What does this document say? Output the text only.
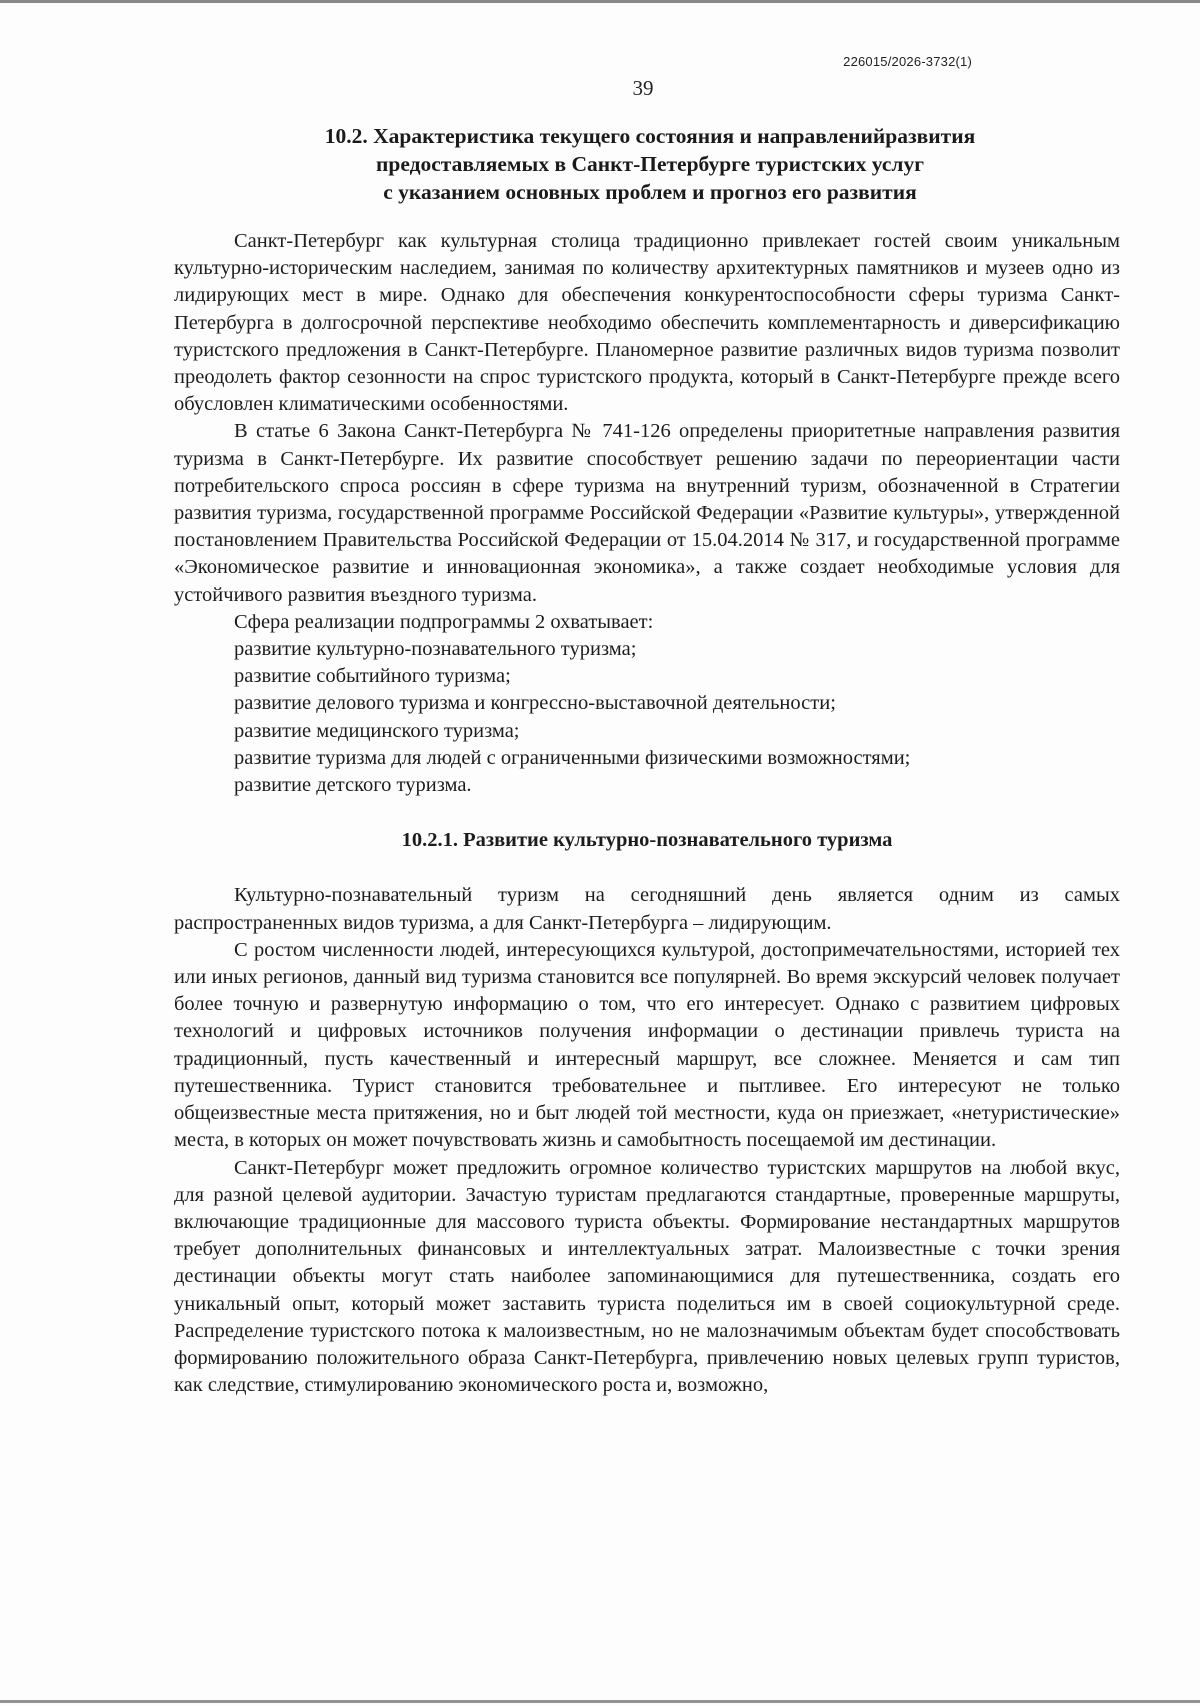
226015/2026-3732(1)
39
10.2. Характеристика текущего состояния и направленийразвития
предоставляемых в Санкт-Петербурге туристских услуг
с указанием основных проблем и прогноз его развития

Санкт-Петербург как культурная столица традиционно привлекает гостей своим уникальным культурно-историческим наследием, занимая по количеству архитектурных памятников и музеев одно из лидирующих мест в мире. Однако для обеспечения конкурентоспособности сферы туризма Санкт-Петербурга в долгосрочной перспективе необходимо обеспечить комплементарность и диверсификацию туристского предложения в Санкт-Петербурге. Планомерное развитие различных видов туризма позволит преодолеть фактор сезонности на спрос туристского продукта, который в Санкт-Петербурге прежде всего обусловлен климатическими особенностями.

В статье 6 Закона Санкт-Петербурга № 741-126 определены приоритетные направления развития туризма в Санкт-Петербурге. Их развитие способствует решению задачи по переориентации части потребительского спроса россиян в сфере туризма на внутренний туризм, обозначенной в Стратегии развития туризма, государственной программе Российской Федерации «Развитие культуры», утвержденной постановлением Правительства Российской Федерации от 15.04.2014 № 317, и государственной программе «Экономическое развитие и инновационная экономика», а также создает необходимые условия для устойчивого развития въездного туризма.

Сфера реализации подпрограммы 2 охватывает:

развитие культурно-познавательного туризма;
развитие событийного туризма;
развитие делового туризма и конгрессно-выставочной деятельности;
развитие медицинского туризма;
развитие туризма для людей с ограниченными физическими возможностями;
развитие детского туризма.
10.2.1. Развитие культурно-познавательного туризма

Культурно-познавательный туризм на сегодняшний день является одним из самых распространенных видов туризма, а для Санкт-Петербурга – лидирующим.

С ростом численности людей, интересующихся культурой, достопримечательностями, историей тех или иных регионов, данный вид туризма становится все популярней. Во время экскурсий человек получает более точную и развернутую информацию о том, что его интересует. Однако с развитием цифровых технологий и цифровых источников получения информации о дестинации привлечь туриста на традиционный, пусть качественный и интересный маршрут, все сложнее. Меняется и сам тип путешественника. Турист становится требовательнее и пытливее. Его интересуют не только общеизвестные места притяжения, но и быт людей той местности, куда он приезжает, «нетуристические» места, в которых он может почувствовать жизнь и самобытность посещаемой им дестинации.

Санкт-Петербург может предложить огромное количество туристских маршрутов на любой вкус, для разной целевой аудитории. Зачастую туристам предлагаются стандартные, проверенные маршруты, включающие традиционные для массового туриста объекты. Формирование нестандартных маршрутов требует дополнительных финансовых и интеллектуальных затрат. Малоизвестные с точки зрения дестинации объекты могут стать наиболее запоминающимися для путешественника, создать его уникальный опыт, который может заставить туриста поделиться им в своей социокультурной среде. Распределение туристского потока к малоизвестным, но не малозначимым объектам будет способствовать формированию положительного образа Санкт-Петербурга, привлечению новых целевых групп туристов, как следствие, стимулированию экономического роста и, возможно,
